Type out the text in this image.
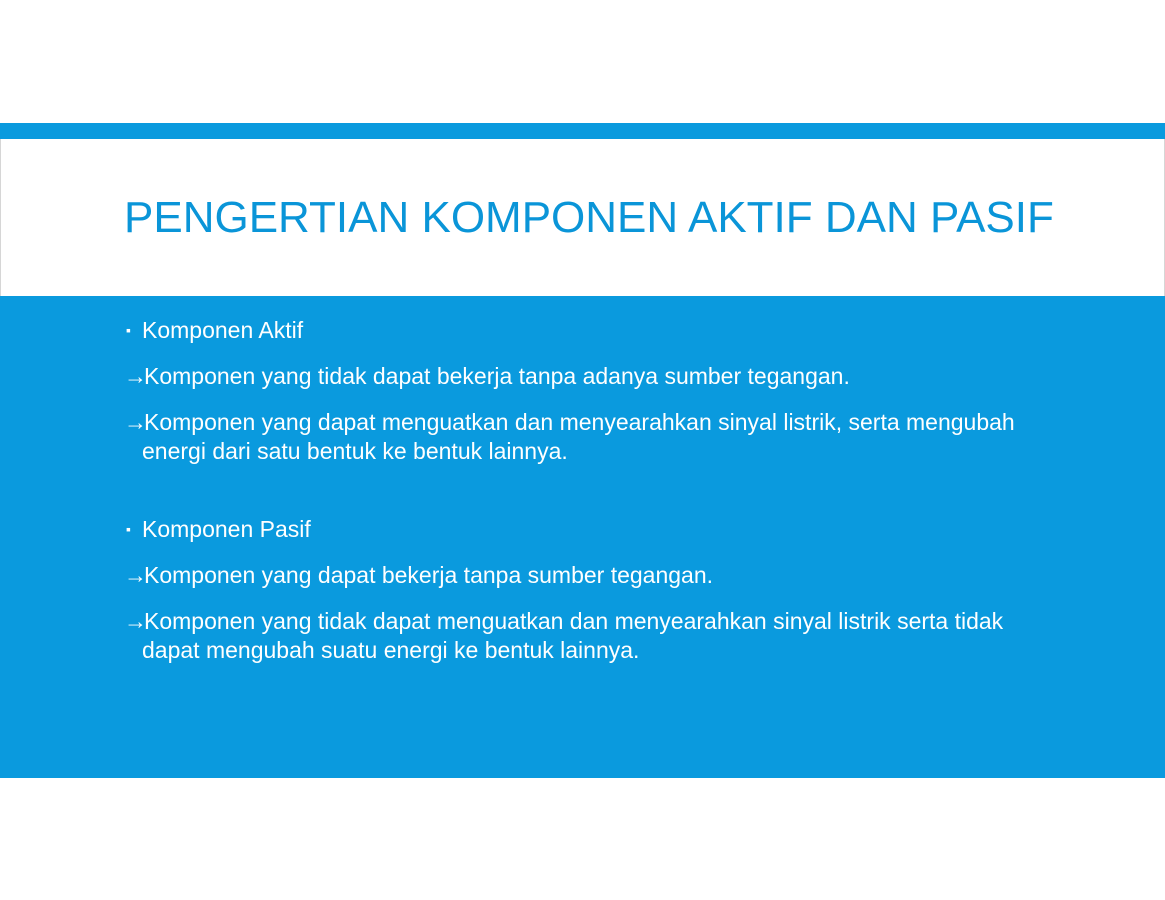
PENGERTIAN KOMPONEN AKTIF DAN PASIF

▪ Komponen Aktif

→Komponen yang tidak dapat bekerja tanpa adanya sumber tegangan.

→Komponen yang dapat menguatkan dan menyearahkan sinyal listrik, serta mengubah energi dari satu bentuk ke bentuk lainnya.

▪ Komponen Pasif

→Komponen yang dapat bekerja tanpa sumber tegangan.

→Komponen yang tidak dapat menguatkan dan menyearahkan sinyal listrik serta tidak dapat mengubah suatu energi ke bentuk lainnya.
